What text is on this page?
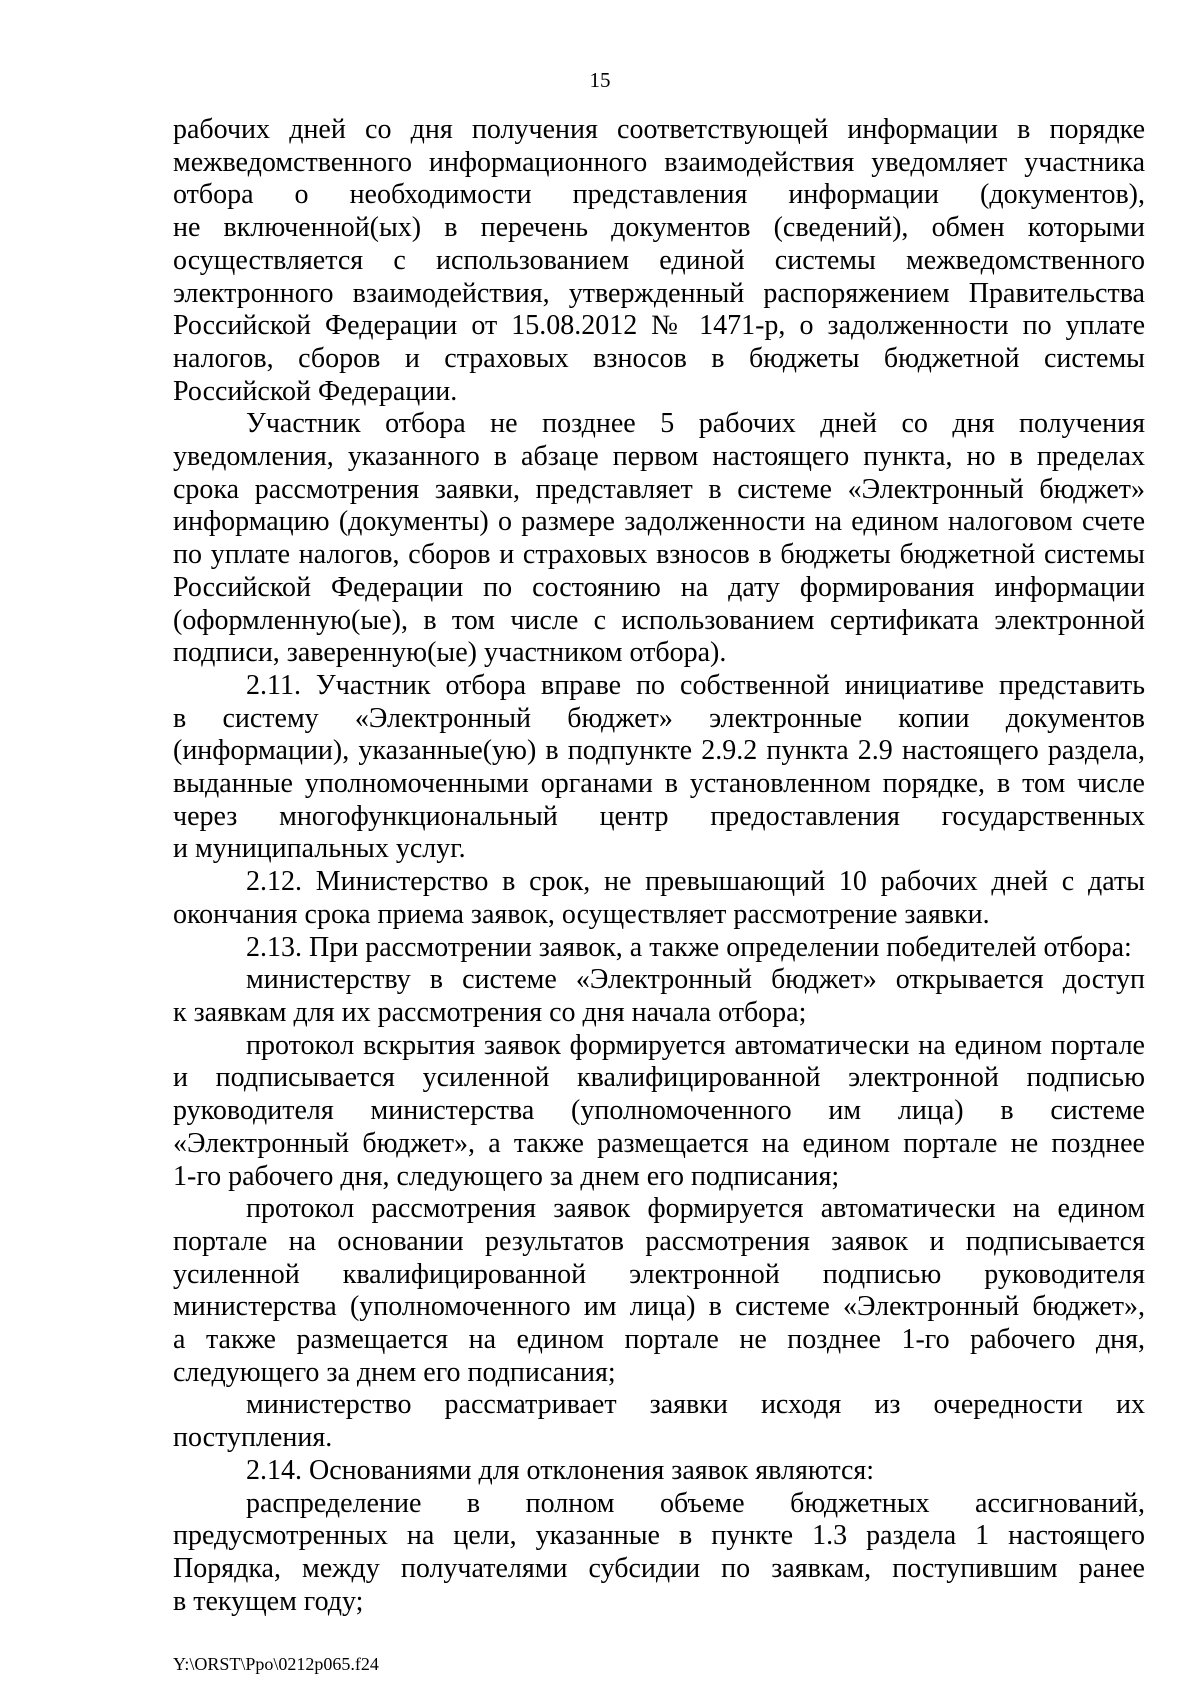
15

рабочих дней со дня получения соответствующей информации в порядке

межведомственного информационного взаимодействия уведомляет участника

отбора о необходимости представления информации (документов),

не включенной(ых) в перечень документов (сведений), обмен которыми

осуществляется с использованием единой системы межведомственного

электронного взаимодействия, утвержденный распоряжением Правительства

Российской Федерации от 15.08.2012 № 1471-р, о задолженности по уплате

налогов, сборов и страховых взносов в бюджеты бюджетной системы

Российской Федерации.

Участник отбора не позднее 5 рабочих дней со дня получения

уведомления, указанного в абзаце первом настоящего пункта, но в пределах

срока рассмотрения заявки, представляет в системе «Электронный бюджет»

информацию (документы) о размере задолженности на едином налоговом счете

по уплате налогов, сборов и страховых взносов в бюджеты бюджетной системы

Российской Федерации по состоянию на дату формирования информации

(оформленную(ые), в том числе с использованием сертификата электронной

подписи, заверенную(ые) участником отбора).

2.11. Участник отбора вправе по собственной инициативе представить

в систему «Электронный бюджет» электронные копии документов

(информации), указанные(ую) в подпункте 2.9.2 пункта 2.9 настоящего раздела,

выданные уполномоченными органами в установленном порядке, в том числе

через многофункциональный центр предоставления государственных

и муниципальных услуг.

2.12. Министерство в срок, не превышающий 10 рабочих дней с даты

окончания срока приема заявок, осуществляет рассмотрение заявки.

2.13. При рассмотрении заявок, а также определении победителей отбора:

министерству в системе «Электронный бюджет» открывается доступ

к заявкам для их рассмотрения со дня начала отбора;

протокол вскрытия заявок формируется автоматически на едином портале

и подписывается усиленной квалифицированной электронной подписью

руководителя министерства (уполномоченного им лица) в системе

«Электронный бюджет», а также размещается на едином портале не позднее

1-го рабочего дня, следующего за днем его подписания;

протокол рассмотрения заявок формируется автоматически на едином

портале на основании результатов рассмотрения заявок и подписывается

усиленной квалифицированной электронной подписью руководителя

министерства (уполномоченного им лица) в системе «Электронный бюджет»,

а также размещается на едином портале не позднее 1-го рабочего дня,

следующего за днем его подписания;

министерство рассматривает заявки исходя из очередности их

поступления.

2.14. Основаниями для отклонения заявок являются:

распределение в полном объеме бюджетных ассигнований,

предусмотренных на цели, указанные в пункте 1.3 раздела 1 настоящего

Порядка, между получателями субсидии по заявкам, поступившим ранее

в текущем году;

Y:\ORST\Ppo\0212p065.f24
